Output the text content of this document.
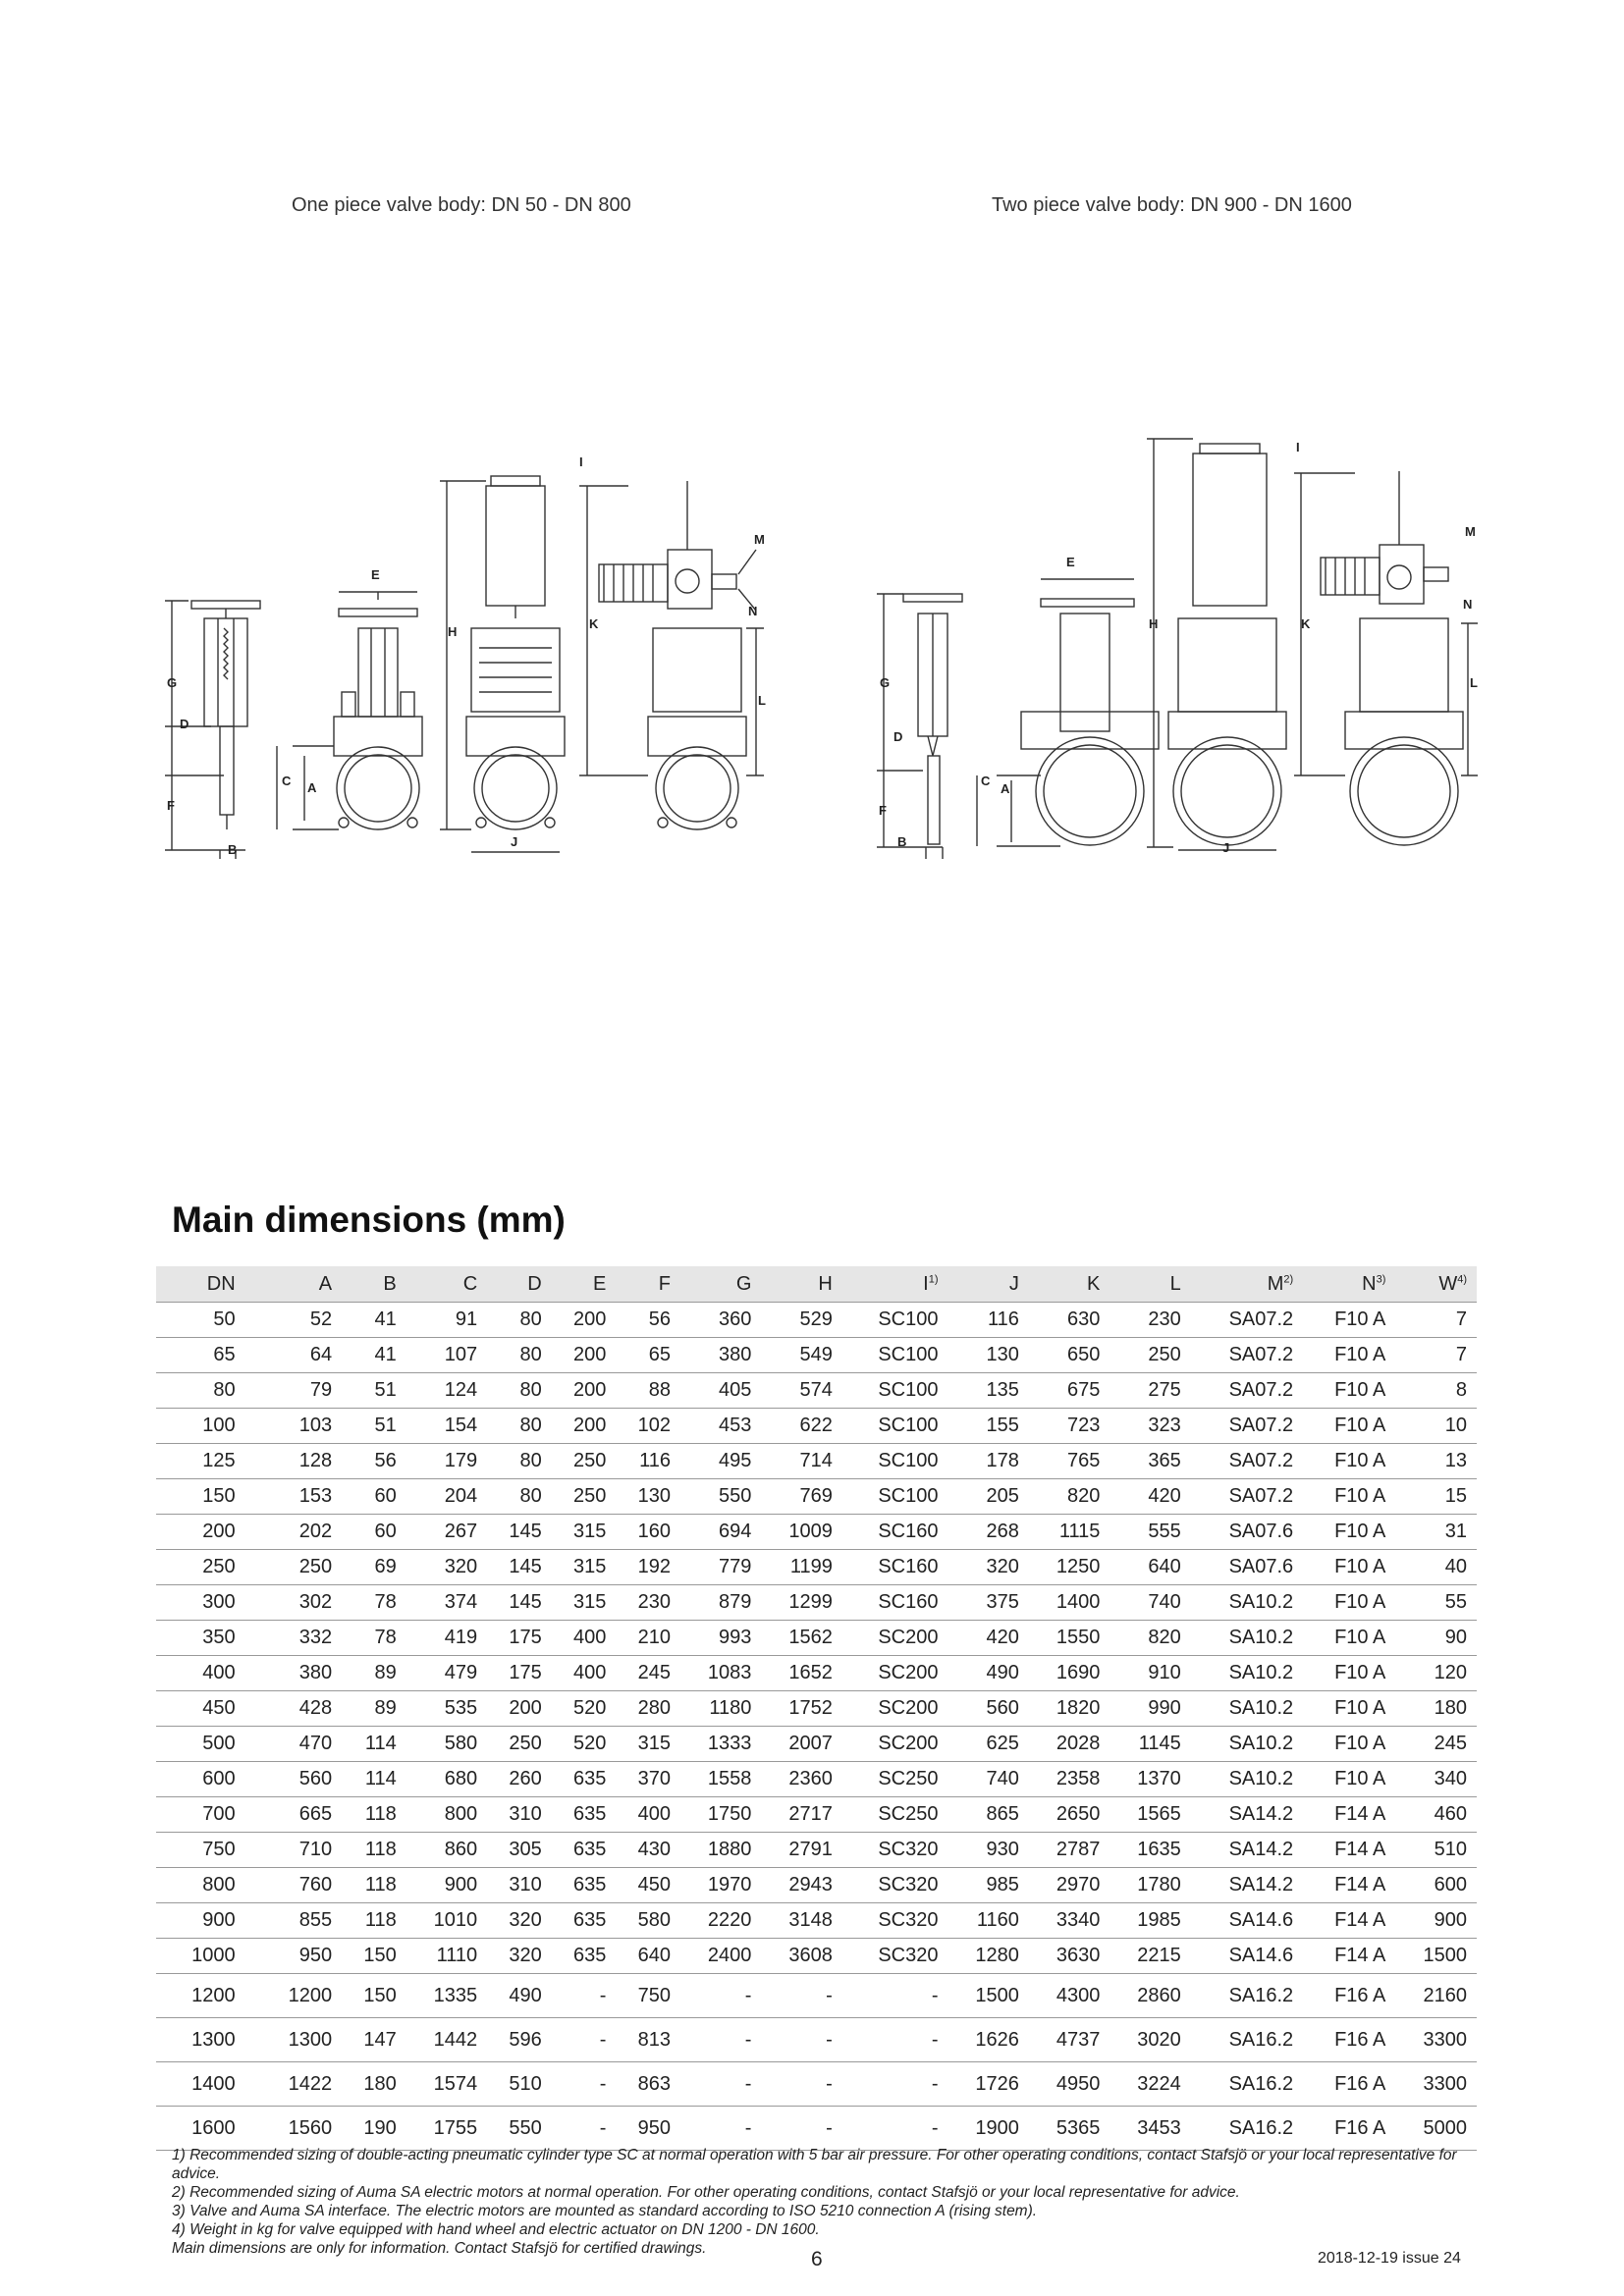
One piece valve body: DN 50 - DN 800	Two piece valve body: DN 900 - DN 1600
G
D
F
B
E
C A
H
I
J
K
M
N
L
G
D
F
B
E
C
A
H
I
J
K
M
N
L
Main dimensions (mm)
DN	A	B	C	D	E	F	G	H	$I^{1)}$	J	K	L	$M^{2)}$	$N^{3)}$	$W^{4)}$
50	52	41	91	80	200	56	360	529	SC100	116	630	230	SA07.2	F10 A	7
65	64	41	107	80	200	65	380	549	SC100	130	650	250	SA07.2	F10 A	7
80	79	51	124	80	200	88	405	574	SC100	135	675	275	SA07.2	F10 A	8
100	103	51	154	80	200	102	453	622	SC100	155	723	323	SA07.2	F10 A	10
125	128	56	179	80	250	116	495	714	SC100	178	765	365	SA07.2	F10 A	13
150	153	60	204	80	250	130	550	769	SC100	205	820	420	SA07.2	F10 A	15
200	202	60	267	145	315	160	694	1009	SC160	268	1115	555	SA07.6	F10 A	31
250	250	69	320	145	315	192	779	1199	SC160	320	1250	640	SA07.6	F10 A	40
300	302	78	374	145	315	230	879	1299	SC160	375	1400	740	SA10.2	F10 A	55
350	332	78	419	175	400	210	993	1562	SC200	420	1550	820	SA10.2	F10 A	90
400	380	89	479	175	400	245	1083	1652	SC200	490	1690	910	SA10.2	F10 A	120
450	428	89	535	200	520	280	1180	1752	SC200	560	1820	990	SA10.2	F10 A	180
500	470	114	580	250	520	315	1333	2007	SC200	625	2028	1145	SA10.2	F10 A	245
600	560	114	680	260	635	370	1558	2360	SC250	740	2358	1370	SA10.2	F10 A	340
700	665	118	800	310	635	400	1750	2717	SC250	865	2650	1565	SA14.2	F14 A	460
750	710	118	860	305	635	430	1880	2791	SC320	930	2787	1635	SA14.2	F14 A	510
800	760	118	900	310	635	450	1970	2943	SC320	985	2970	1780	SA14.2	F14 A	600
900	855	118	1010	320	635	580	2220	3148	SC320	1160	3340	1985	SA14.6	F14 A	900
1000	950	150	1110	320	635	640	2400	3608	SC320	1280	3630	2215	SA14.6	F14 A	1500
1200	1200	150	1335	490	-	750	-	-	-	1500	4300	2860	SA16.2	F16 A	2160
1300	1300	147	1442	596	-	813	-	-	-	1626	4737	3020	SA16.2	F16 A	3300
1400	1422	180	1574	510	-	863	-	-	-	1726	4950	3224	SA16.2	F16 A	3300
1600	1560	190	1755	550	-	950	-	-	-	1900	5365	3453	SA16.2	F16 A	5000
1) Recommended sizing of double-acting pneumatic cylinder type SC at normal operation with 5 bar air pressure. For other operating conditions, contact Stafsjö or your local representative for advice.
2) Recommended sizing of Auma SA electric motors at normal operation. For other operating conditions, contact Stafsjö or your local representative for advice.
3) Valve and Auma SA interface. The electric motors are mounted as standard according to ISO 5210 connection A (rising stem).
4) Weight in kg for valve equipped with hand wheel and electric actuator on DN 1200 - DN 1600.
Main dimensions are only for information. Contact Stafsjö for certified drawings.	6	2018-12-19 issue 24
